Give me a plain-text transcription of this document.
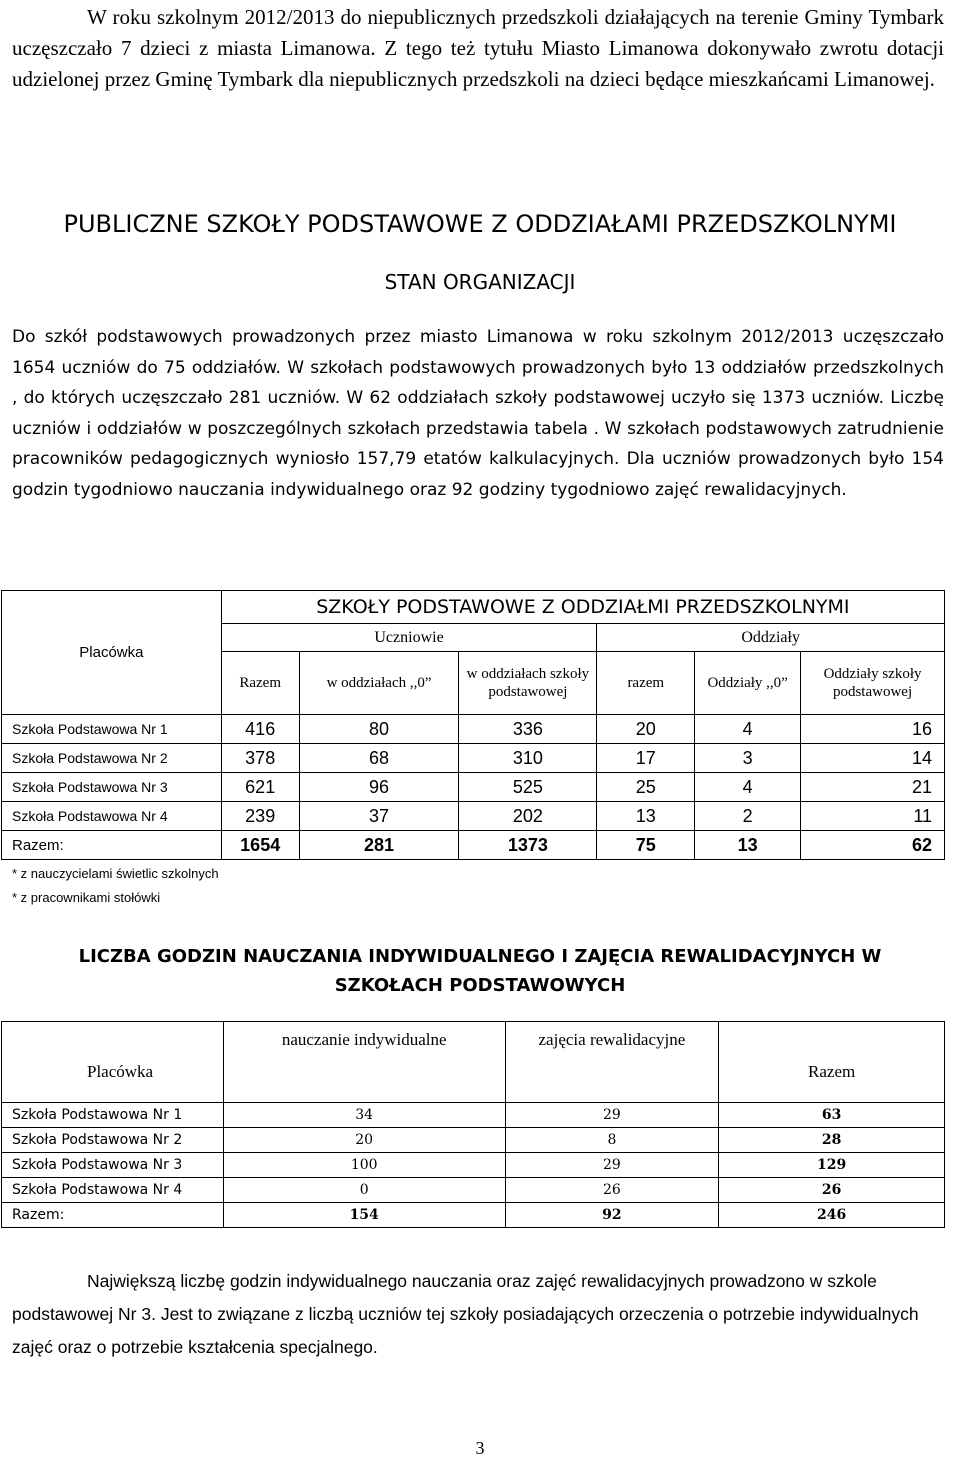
W roku szkolnym 2012/2013 do niepublicznych przedszkoli działających na terenie Gminy Tymbark uczęszczało 7 dzieci z miasta Limanowa. Z tego też tytułu Miasto Limanowa dokonywało zwrotu dotacji udzielonej przez Gminę Tymbark dla niepublicznych przedszkoli na dzieci będące mieszkańcami Limanowej.

PUBLICZNE SZKOŁY PODSTAWOWE Z ODDZIAŁAMI PRZEDSZKOLNYMI
STAN ORGANIZACJI

Do szkół podstawowych prowadzonych przez miasto Limanowa w roku szkolnym 2012/2013 uczęszczało 1654 uczniów do 75 oddziałów. W szkołach podstawowych prowadzonych było 13 oddziałów przedszkolnych , do których uczęszczało 281 uczniów. W 62 oddziałach szkoły podstawowej uczyło się 1373 uczniów. Liczbę uczniów i oddziałów w poszczególnych szkołach przedstawia tabela . W szkołach podstawowych zatrudnienie pracowników pedagogicznych wyniosło 157,79 etatów kalkulacyjnych. Dla uczniów prowadzonych było 154 godzin tygodniowo nauczania indywidualnego oraz 92 godziny tygodniowo zajęć rewalidacyjnych.

Placówka	SZKOŁY PODSTAWOWE Z ODDZIAŁMI PRZEDSZKOLNYMI					
	Uczniowie			Oddziały		
	Razem	w oddziałach ,,0”	w oddziałach szkoły podstawowej	razem	Oddziały ,,0”	Oddziały szkoły podstawowej
Szkoła Podstawowa Nr 1	416	80	336	20	4	16
Szkoła Podstawowa Nr 2	378	68	310	17	3	14
Szkoła Podstawowa Nr 3	621	96	525	25	4	21
Szkoła Podstawowa Nr 4	239	37	202	13	2	11
Razem:	1654	281	1373	75	13	62
* z nauczycielami świetlic szkolnych
* z pracownikami stołówki
LICZBA GODZIN NAUCZANIA INDYWIDUALNEGO I ZAJĘCIA REWALIDACYJNYCH W
SZKOŁACH PODSTAWOWYCH
Placówka	nauczanie indywidualne	zajęcia rewalidacyjne	Razem
Szkoła Podstawowa Nr 1	34	29	63
Szkoła Podstawowa Nr 2	20	8	28
Szkoła Podstawowa Nr 3	100	29	129
Szkoła Podstawowa Nr 4	0	26	26
Razem:	154	92	246

Największą liczbę godzin indywidualnego nauczania oraz zajęć rewalidacyjnych prowadzono w szkole podstawowej Nr 3. Jest to związane z liczbą uczniów tej szkoły posiadających orzeczenia o potrzebie indywidualnych zajęć oraz o potrzebie kształcenia specjalnego.

3
